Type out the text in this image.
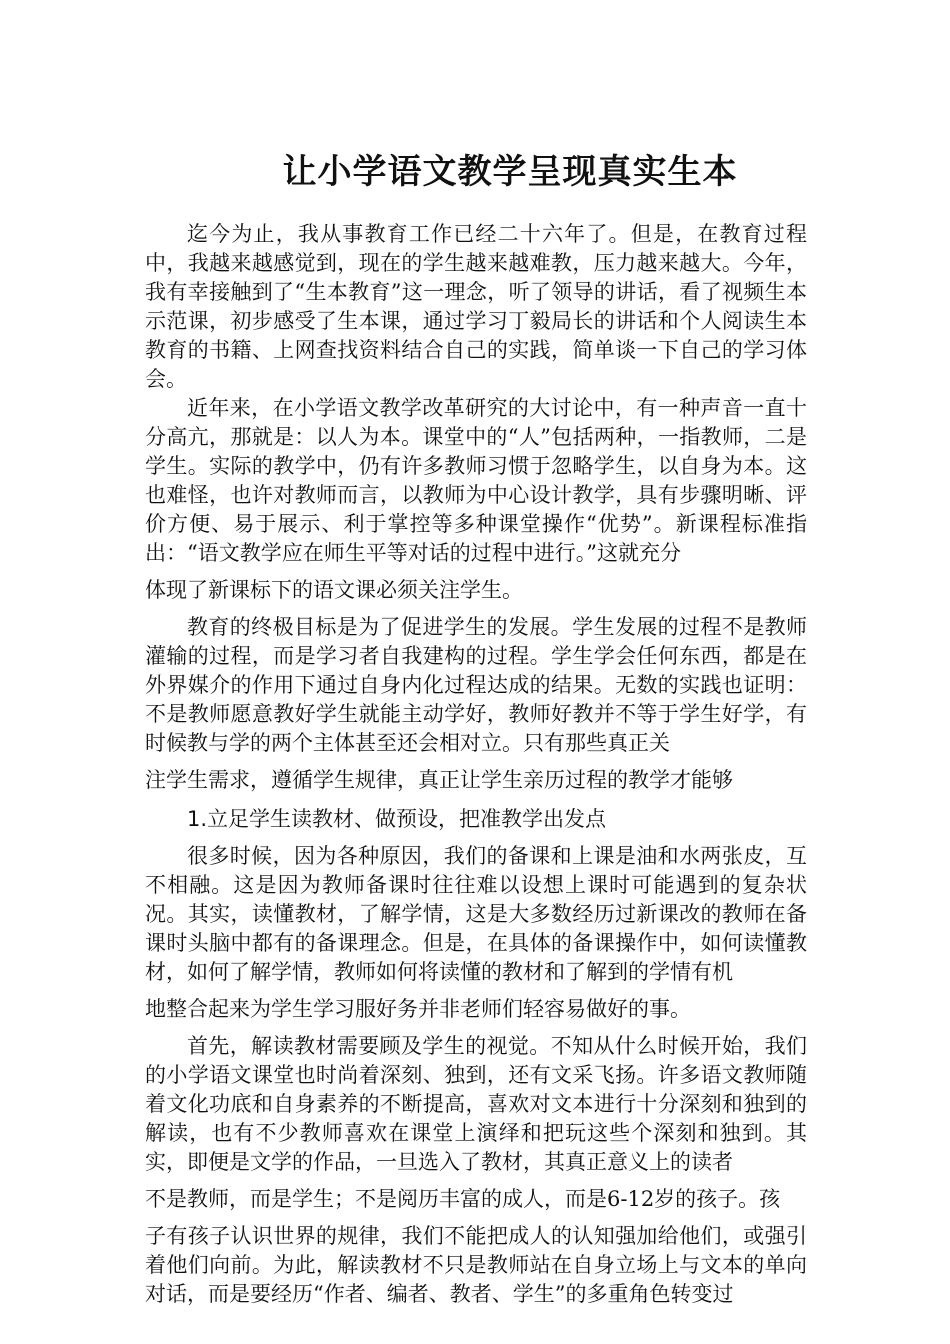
让小学语文教学呈现真实生本

迄今为止，我从事教育工作已经二十六年了。但是，在教育过程中，我越来越感觉到，现在的学生越来越难教，压力越来越大。今年，我有幸接触到了“生本教育”这一理念，听了领导的讲话，看了视频生本示范课，初步感受了生本课，通过学习丁毅局长的讲话和个人阅读生本教育的书籍、上网查找资料结合自己的实践，简单谈一下自己的学习体会。

近年来，在小学语文教学改革研究的大讨论中，有一种声音一直十分高亢，那就是：以人为本。课堂中的“人”包括两种，一指教师，二是学生。实际的教学中，仍有许多教师习惯于忽略学生，以自身为本。这也难怪，也许对教师而言，以教师为中心设计教学，具有步骤明晰、评价方便、易于展示、利于掌控等多种课堂操作“优势”。新课程标准指出：“语文教学应在师生平等对话的过程中进行。”这就充分

体现了新课标下的语文课必须关注学生。

教育的终极目标是为了促进学生的发展。学生发展的过程不是教师灌输的过程，而是学习者自我建构的过程。学生学会任何东西，都是在外界媒介的作用下通过自身内化过程达成的结果。无数的实践也证明：不是教师愿意教好学生就能主动学好，教师好教并不等于学生好学，有时候教与学的两个主体甚至还会相对立。只有那些真正关

注学生需求，遵循学生规律，真正让学生亲历过程的教学才能够

1.立足学生读教材、做预设，把准教学出发点

很多时候，因为各种原因，我们的备课和上课是油和水两张皮，互不相融。这是因为教师备课时往往难以设想上课时可能遇到的复杂状况。其实，读懂教材，了解学情，这是大多数经历过新课改的教师在备课时头脑中都有的备课理念。但是，在具体的备课操作中，如何读懂教材，如何了解学情，教师如何将读懂的教材和了解到的学情有机

地整合起来为学生学习服好务并非老师们轻容易做好的事。

首先，解读教材需要顾及学生的视觉。不知从什么时候开始，我们的小学语文课堂也时尚着深刻、独到，还有文采飞扬。许多语文教师随着文化功底和自身素养的不断提高，喜欢对文本进行十分深刻和独到的解读，也有不少教师喜欢在课堂上演绎和把玩这些个深刻和独到。其实，即便是文学的作品，一旦选入了教材，其真正意义上的读者

不是教师，而是学生；不是阅历丰富的成人，而是6-12岁的孩子。孩

子有孩子认识世界的规律，我们不能把成人的认知强加给他们，或强引着他们向前。为此，解读教材不只是教师站在自身立场上与文本的单向对话，而是要经历“作者、编者、教者、学生”的多重角色转变过
